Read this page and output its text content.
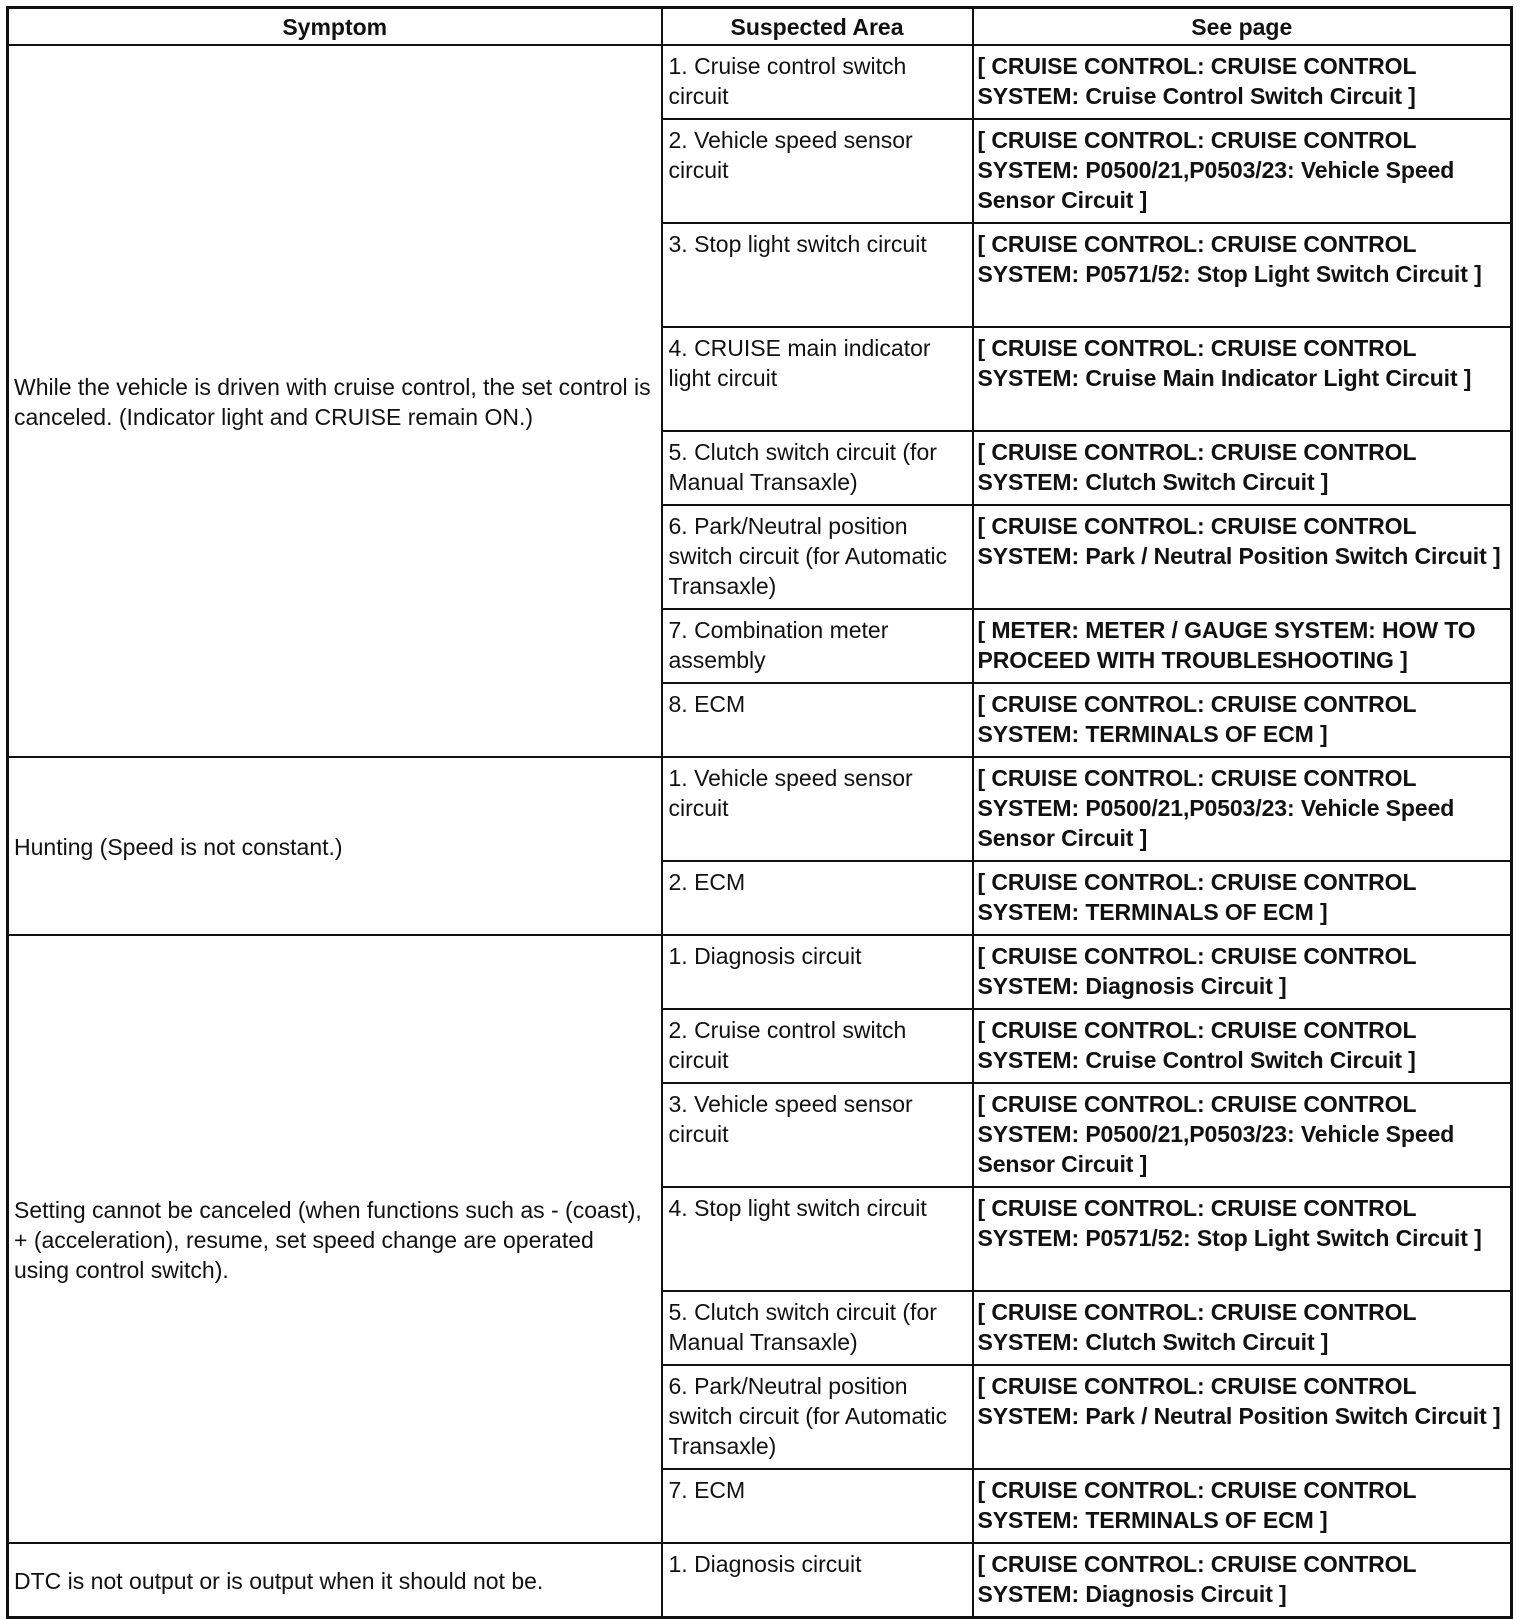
Symptom	Suspected Area	See page
While the vehicle is driven with cruise control, the set control is canceled. (Indicator light and CRUISE remain ON.)	1. Cruise control switch circuit	[ CRUISE CONTROL: CRUISE CONTROL SYSTEM: Cruise Control Switch Circuit ]
	2. Vehicle speed sensor circuit	[ CRUISE CONTROL: CRUISE CONTROL SYSTEM: P0500/21,P0503/23: Vehicle Speed Sensor Circuit ]
	3. Stop light switch circuit	[ CRUISE CONTROL: CRUISE CONTROL SYSTEM: P0571/52: Stop Light Switch Circuit ]
	4. CRUISE main indicator light circuit	[ CRUISE CONTROL: CRUISE CONTROL SYSTEM: Cruise Main Indicator Light Circuit ]
	5. Clutch switch circuit (for Manual Transaxle)	[ CRUISE CONTROL: CRUISE CONTROL SYSTEM: Clutch Switch Circuit ]
	6. Park/Neutral position switch circuit (for Automatic Transaxle)	[ CRUISE CONTROL: CRUISE CONTROL SYSTEM: Park / Neutral Position Switch Circuit ]
	7. Combination meter assembly	[ METER: METER / GAUGE SYSTEM: HOW TO PROCEED WITH TROUBLESHOOTING ]
	8. ECM	[ CRUISE CONTROL: CRUISE CONTROL SYSTEM: TERMINALS OF ECM ]
Hunting (Speed is not constant.)	1. Vehicle speed sensor circuit	[ CRUISE CONTROL: CRUISE CONTROL SYSTEM: P0500/21,P0503/23: Vehicle Speed Sensor Circuit ]
	2. ECM	[ CRUISE CONTROL: CRUISE CONTROL SYSTEM: TERMINALS OF ECM ]
Setting cannot be canceled (when functions such as - (coast), + (acceleration), resume, set speed change are operated using control switch).	1. Diagnosis circuit	[ CRUISE CONTROL: CRUISE CONTROL SYSTEM: Diagnosis Circuit ]
	2. Cruise control switch circuit	[ CRUISE CONTROL: CRUISE CONTROL SYSTEM: Cruise Control Switch Circuit ]
	3. Vehicle speed sensor circuit	[ CRUISE CONTROL: CRUISE CONTROL SYSTEM: P0500/21,P0503/23: Vehicle Speed Sensor Circuit ]
	4. Stop light switch circuit	[ CRUISE CONTROL: CRUISE CONTROL SYSTEM: P0571/52: Stop Light Switch Circuit ]
	5. Clutch switch circuit (for Manual Transaxle)	[ CRUISE CONTROL: CRUISE CONTROL SYSTEM: Clutch Switch Circuit ]
	6. Park/Neutral position switch circuit (for Automatic Transaxle)	[ CRUISE CONTROL: CRUISE CONTROL SYSTEM: Park / Neutral Position Switch Circuit ]
	7. ECM	[ CRUISE CONTROL: CRUISE CONTROL SYSTEM: TERMINALS OF ECM ]
DTC is not output or is output when it should not be.	1. Diagnosis circuit	[ CRUISE CONTROL: CRUISE CONTROL SYSTEM: Diagnosis Circuit ]
